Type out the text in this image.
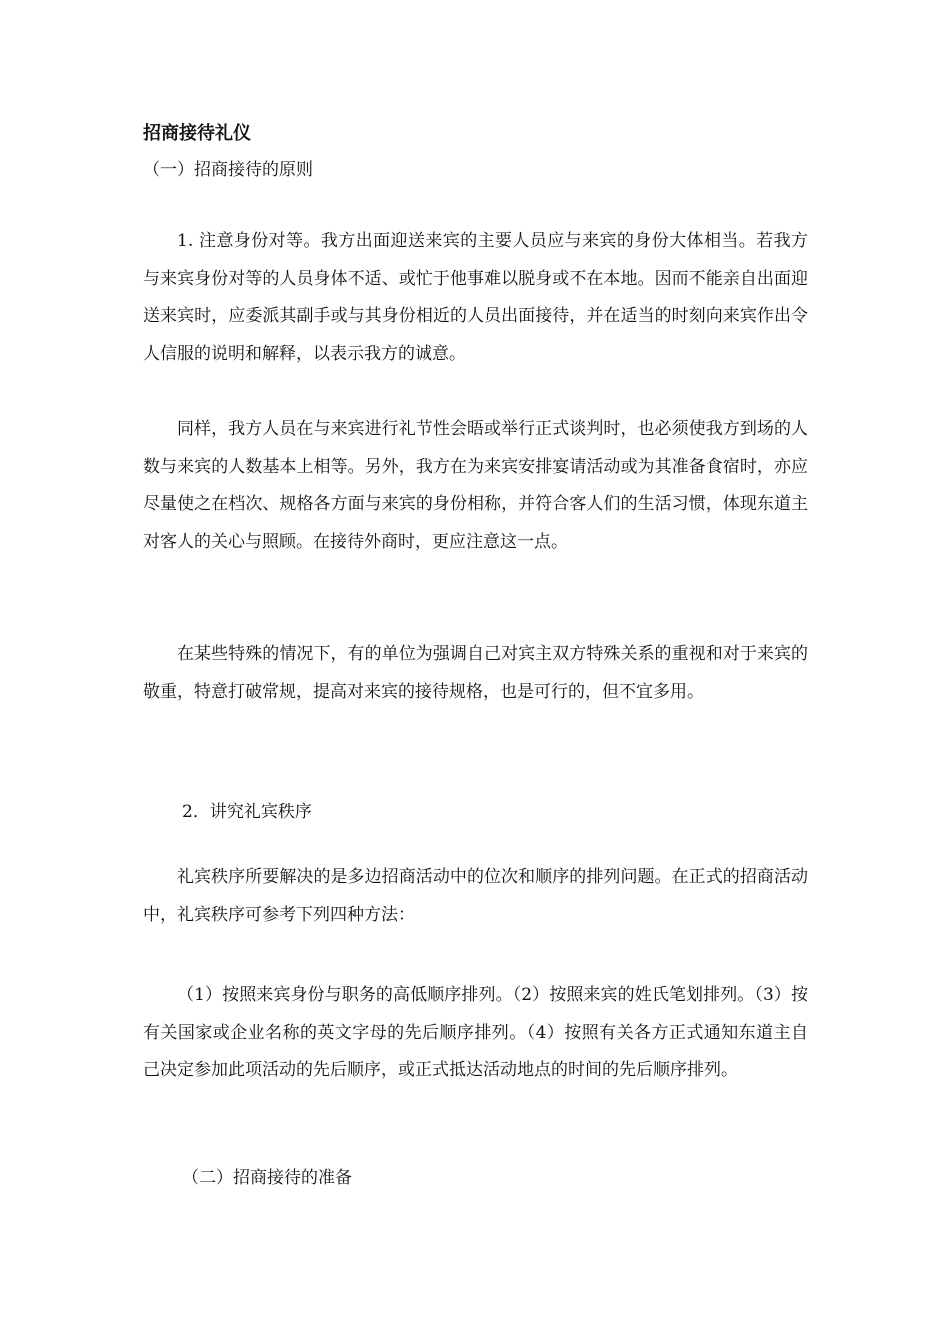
招商接待礼仪
（一）招商接待的原则

1. 注意身份对等。我方出面迎送来宾的主要人员应与来宾的身份大体相当。若我方与来宾身份对等的人员身体不适、或忙于他事难以脱身或不在本地。因而不能亲自出面迎送来宾时，应委派其副手或与其身份相近的人员出面接待，并在适当的时刻向来宾作出令人信服的说明和解释，以表示我方的诚意。

同样，我方人员在与来宾进行礼节性会晤或举行正式谈判时，也必须使我方到场的人数与来宾的人数基本上相等。另外，我方在为来宾安排宴请活动或为其准备食宿时，亦应尽量使之在档次、规格各方面与来宾的身份相称，并符合客人们的生活习惯，体现东道主对客人的关心与照顾。在接待外商时，更应注意这一点。

在某些特殊的情况下，有的单位为强调自己对宾主双方特殊关系的重视和对于来宾的敬重，特意打破常规，提高对来宾的接待规格，也是可行的，但不宜多用。

2．讲究礼宾秩序

礼宾秩序所要解决的是多边招商活动中的位次和顺序的排列问题。在正式的招商活动中，礼宾秩序可参考下列四种方法：

（1）按照来宾身份与职务的高低顺序排列。（2）按照来宾的姓氏笔划排列。（3）按有关国家或企业名称的英文字母的先后顺序排列。（4）按照有关各方正式通知东道主自己决定参加此项活动的先后顺序，或正式抵达活动地点的时间的先后顺序排列。

（二）招商接待的准备
